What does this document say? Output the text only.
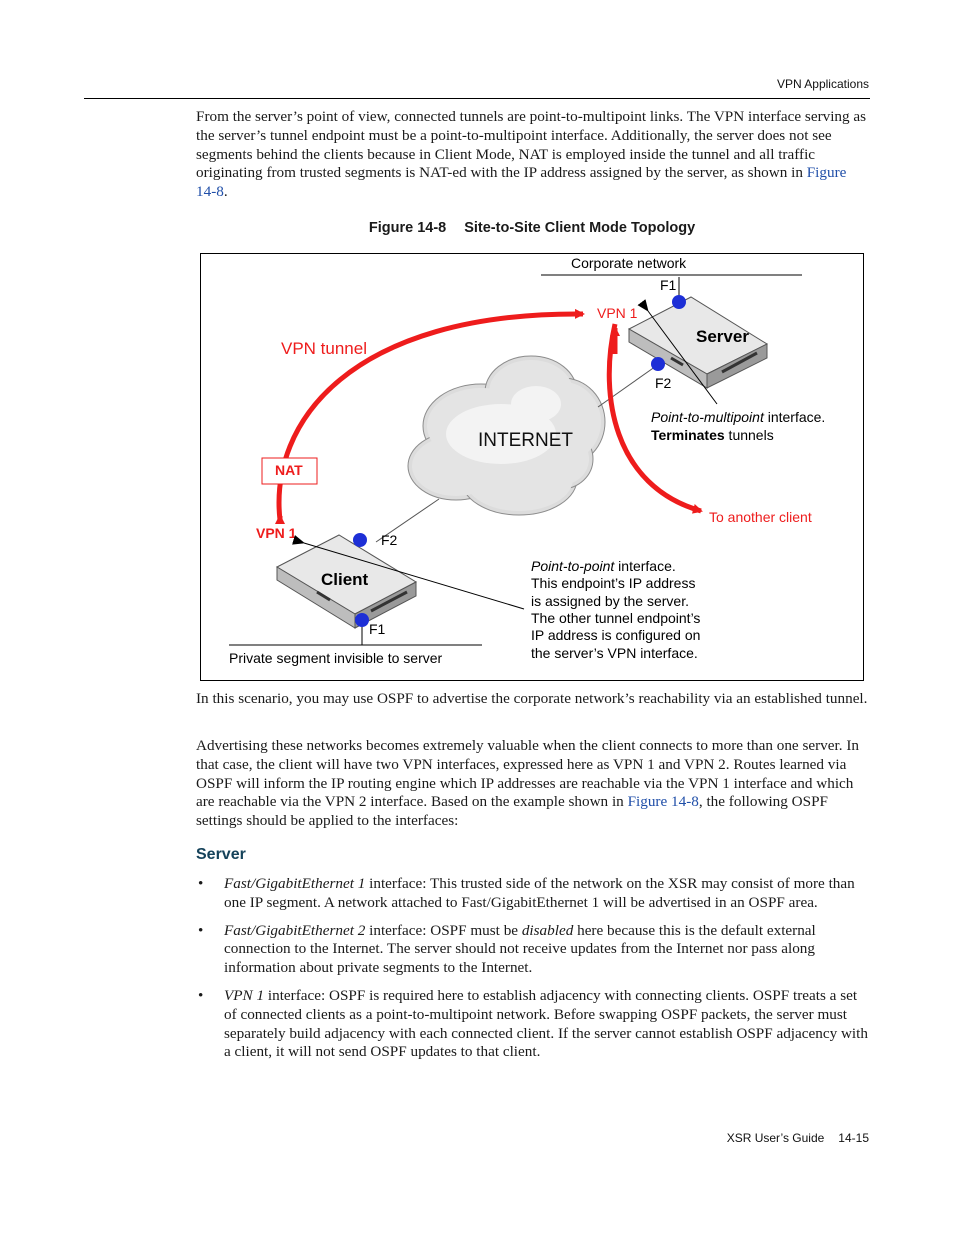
VPN Applications

From the server’s point of view, connected tunnels are point-to-multipoint links. The VPN interface serving as the server’s tunnel endpoint must be a point-to-multipoint interface. Additionally, the server does not see segments behind the clients because in Client Mode, NAT is employed inside the tunnel and all traffic originating from trusted segments is NAT-ed with the IP address assigned by the server, as shown in Figure 14-8.

Figure 14-8 Site-to-Site Client Mode Topology
Corporate network
F1
INTERNET
Server
Client
F2
F2
F1
Private segment invisible to server
VPN tunnel
To another client
NAT
VPN 1
VPN 1
Point-to-multipoint interface.
Terminates tunnels
Point-to-point interface.
This endpoint’s IP address
is assigned by the server.
The other tunnel endpoint’s
IP address is configured on
the server’s VPN interface.

In this scenario, you may use OSPF to advertise the corporate network’s reachability via an established tunnel.

Advertising these networks becomes extremely valuable when the client connects to more than one server. In that case, the client will have two VPN interfaces, expressed here as VPN 1 and VPN 2. Routes learned via OSPF will inform the IP routing engine which IP addresses are reachable via the VPN 1 interface and which are reachable via the VPN 2 interface. Based on the example shown in Figure 14-8, the following OSPF settings should be applied to the interfaces:

Server
• Fast/GigabitEthernet 1 interface: This trusted side of the network on the XSR may consist of more than one IP segment. A network attached to Fast/GigabitEthernet 1 will be advertised in an OSPF area.
• Fast/GigabitEthernet 2 interface: OSPF must be disabled here because this is the default external connection to the Internet. The server should not receive updates from the Internet nor pass along information about private segments to the Internet.
• VPN 1 interface: OSPF is required here to establish adjacency with connecting clients. OSPF treats a set of connected clients as a point-to-multipoint network. Before swapping OSPF packets, the server must separately build adjacency with each connected client. If the server cannot establish OSPF adjacency with a client, it will not send OSPF updates to that client.
XSR User’s Guide 14-15
